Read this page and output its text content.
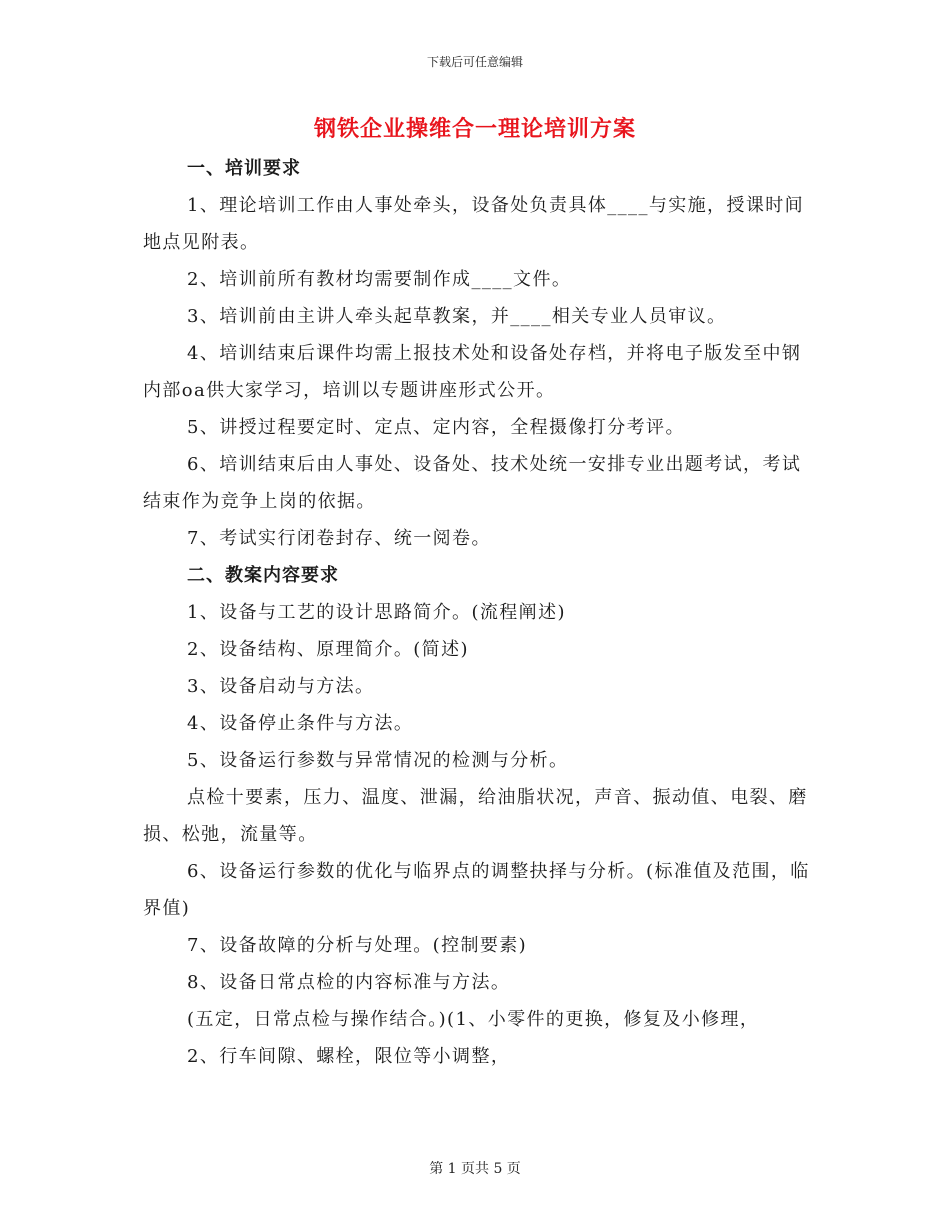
下载后可任意编辑
钢铁企业操维合一理论培训方案

一、培训要求

1、理论培训工作由人事处牵头，设备处负责具体____与实施，授课时间地点见附表。

2、培训前所有教材均需要制作成____文件。

3、培训前由主讲人牵头起草教案，并____相关专业人员审议。

4、培训结束后课件均需上报技术处和设备处存档，并将电子版发至中钢内部oa供大家学习，培训以专题讲座形式公开。

5、讲授过程要定时、定点、定内容，全程摄像打分考评。

6、培训结束后由人事处、设备处、技术处统一安排专业出题考试，考试结束作为竞争上岗的依据。

7、考试实行闭卷封存、统一阅卷。

二、教案内容要求

1、设备与工艺的设计思路简介。(流程阐述)

2、设备结构、原理简介。(简述)

3、设备启动与方法。

4、设备停止条件与方法。

5、设备运行参数与异常情况的检测与分析。

点检十要素，压力、温度、泄漏，给油脂状况，声音、振动值、电裂、磨损、松弛，流量等。

6、设备运行参数的优化与临界点的调整抉择与分析。(标准值及范围，临界值)

7、设备故障的分析与处理。(控制要素)

8、设备日常点检的内容标准与方法。

(五定，日常点检与操作结合。)(1、小零件的更换，修复及小修理，

2、行车间隙、螺栓，限位等小调整，

第 1 页共 5 页
